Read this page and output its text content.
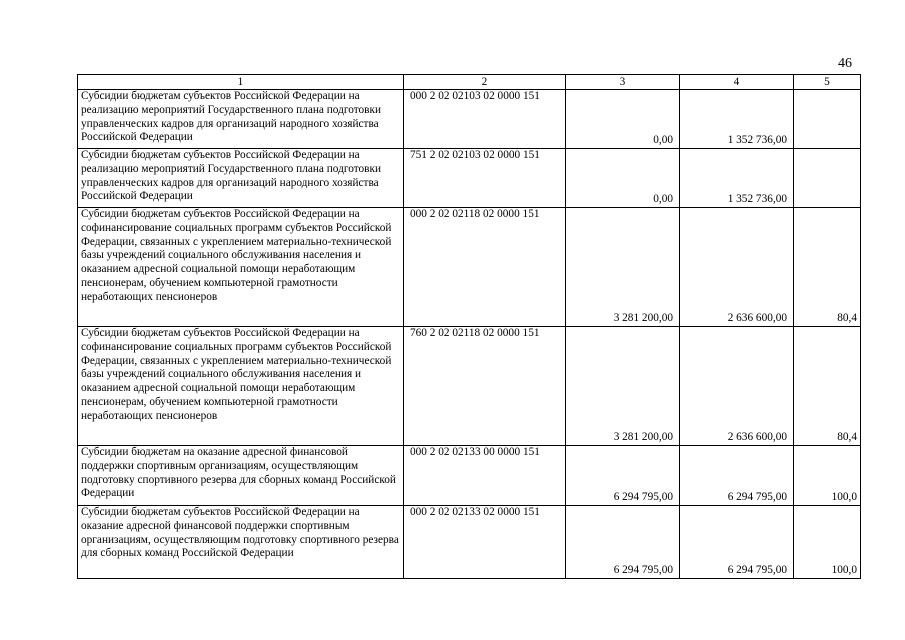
46
1	2	3	4	5
Субсидии бюджетам субъектов Российской Федерации на реализацию мероприятий Государственного плана подготовки управленческих кадров для организаций народного хозяйства Российской Федерации	000 2 02 02103 02 0000 151	0,00	1 352 736,00	
Субсидии бюджетам субъектов Российской Федерации на реализацию мероприятий Государственного плана подготовки управленческих кадров для организаций народного хозяйства Российской Федерации	751 2 02 02103 02 0000 151	0,00	1 352 736,00	
Субсидии бюджетам субъектов Российской Федерации на софинансирование социальных программ субъектов Российской Федерации, связанных с укреплением материально-технической базы учреждений социального обслуживания населения и оказанием адресной социальной помощи неработающим пенсионерам, обучением компьютерной грамотности неработающих пенсионеров	000 2 02 02118 02 0000 151	3 281 200,00	2 636 600,00	80,4
Субсидии бюджетам субъектов Российской Федерации на софинансирование социальных программ субъектов Российской Федерации, связанных с укреплением материально-технической базы учреждений социального обслуживания населения и оказанием адресной социальной помощи неработающим пенсионерам, обучением компьютерной грамотности неработающих пенсионеров	760 2 02 02118 02 0000 151	3 281 200,00	2 636 600,00	80,4
Субсидии бюджетам на оказание адресной финансовой поддержки спортивным организациям, осуществляющим подготовку спортивного резерва для сборных команд Российской Федерации	000 2 02 02133 00 0000 151	6 294 795,00	6 294 795,00	100,0
Субсидии бюджетам субъектов Российской Федерации на оказание адресной финансовой поддержки спортивным организациям, осуществляющим подготовку спортивного резерва для сборных команд Российской Федерации	000 2 02 02133 02 0000 151	6 294 795,00	6 294 795,00	100,0
